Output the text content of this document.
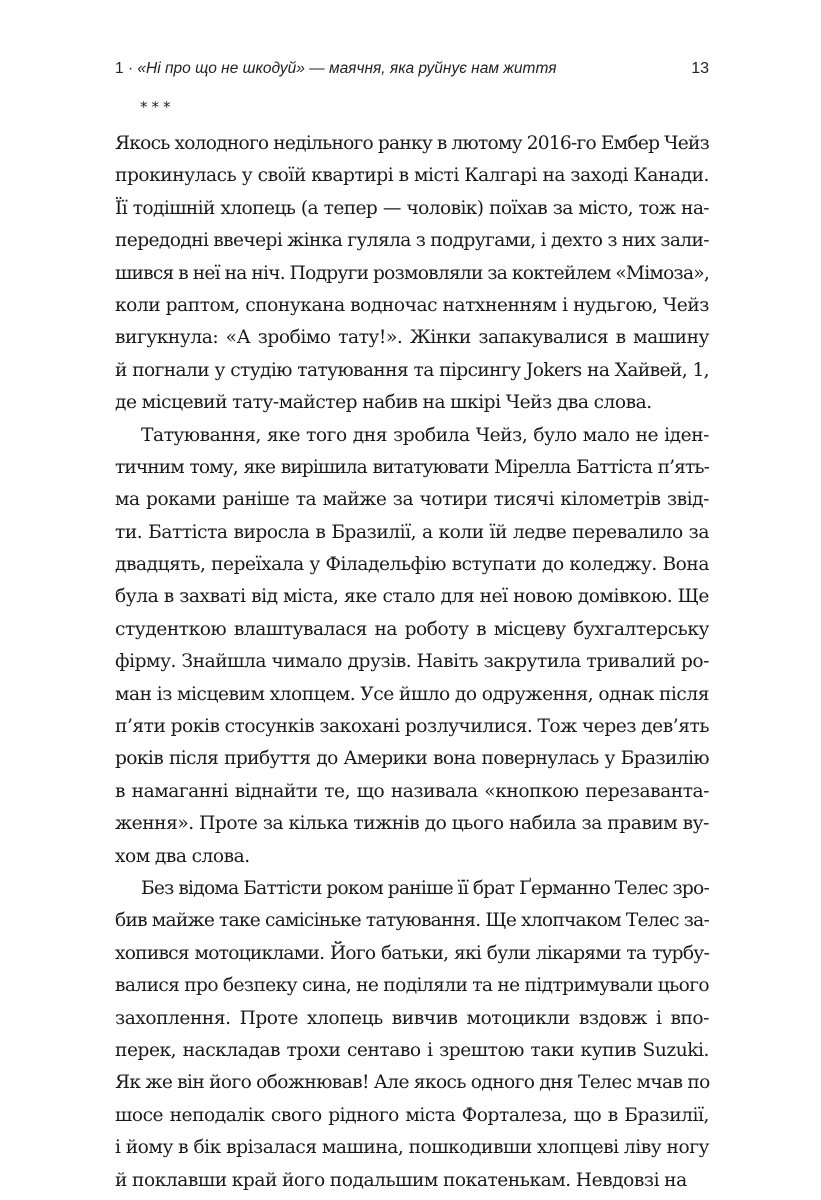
1 · «Ні про що не шкодуй» — маячня, яка руйнує нам життя	13
***
Якось холодного недільного ранку в лютому 2016-го Ембер Чейз
прокинулась у своїй квартирі в місті Калгарі на заході Канади.
Її тодішній хлопець (а тепер — чоловік) поїхав за місто, тож на-
передодні ввечері жінка гуляла з подругами, і дехто з них зали-
шився в неї на ніч. Подруги розмовляли за коктейлем «Мімоза»,
коли раптом, спонукана водночас натхненням і нудьгою, Чейз
вигукнула: «А зробімо тату!». Жінки запакувалися в машину
й погнали у студію татуювання та пірсингу Jokers на Хайвей, 1,
де місцевий тату-майстер набив на шкірі Чейз два слова.
Татуювання, яке того дня зробила Чейз, було мало не іден-
тичним тому, яке вирішила витатуювати Мірелла Баттіста п’ять-
ма роками раніше та майже за чотири тисячі кілометрів звід-
ти. Баттіста виросла в Бразилії, а коли їй ледве перевалило за
двадцять, переїхала у Філадельфію вступати до коледжу. Вона
була в захваті від міста, яке стало для неї новою домівкою. Ще
студенткою влаштувалася на роботу в місцеву бухгалтерську
фірму. Знайшла чимало друзів. Навіть закрутила тривалий ро-
ман із місцевим хлопцем. Усе йшло до одруження, однак після
п’яти років стосунків закохані розлучилися. Тож через дев’ять
років після прибуття до Америки вона повернулась у Бразилію
в намаганні віднайти те, що називала «кнопкою перезаванта-
ження». Проте за кілька тижнів до цього набила за правим ву-
хом два слова.
Без відома Баттісти роком раніше її брат Ґерманно Телес зро-
бив майже таке самісіньке татуювання. Ще хлопчаком Телес за-
хопився мотоциклами. Його батьки, які були лікарями та турбу-
валися про безпеку сина, не поділяли та не підтримували цього
захоплення. Проте хлопець вивчив мотоцикли вздовж і впо-
перек, наскладав трохи сентаво і зрештою таки купив Suzuki.
Як же він його обожнював! Але якось одного дня Телес мчав по
шосе неподалік свого рідного міста Форталеза, що в Бразилії,
і йому в бік врізалася машина, пошкодивши хлопцеві ліву ногу
й поклавши край його подальшим покатенькам. Невдовзі на
